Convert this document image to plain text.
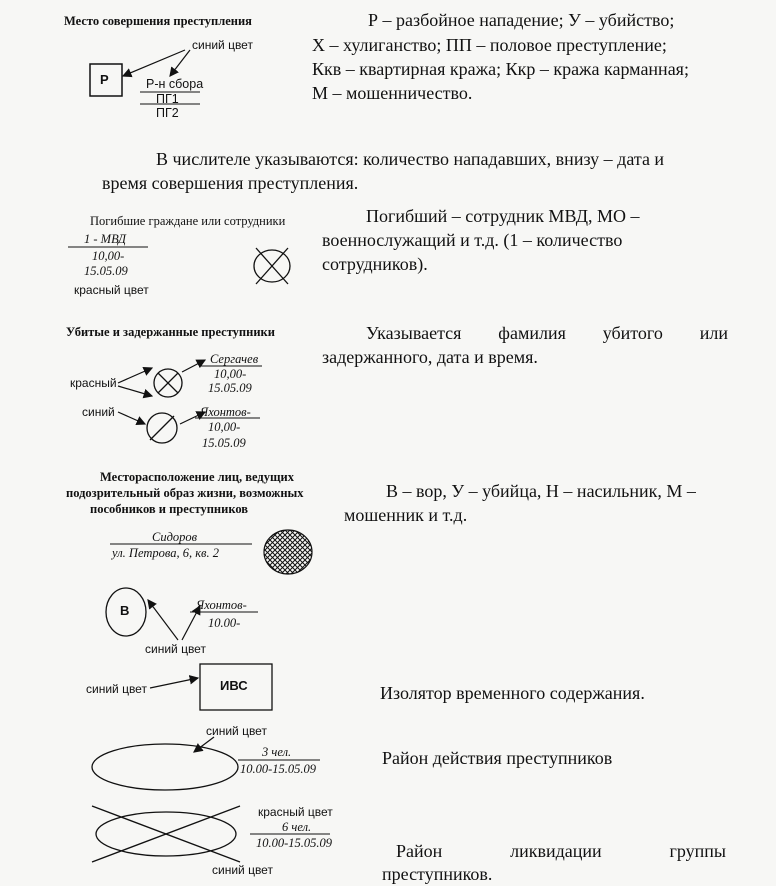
Место совершения преступления
синий цвет
Р	Р-н сбора
ПГ1
ПГ2
Р – разбойное нападение; У – убийство;
Х – хулиганство; ПП – половое преступление;
Ккв – квартирная кража; Ккр – кража карманная;
М – мошенничество.
В числителе указываются: количество нападавших, внизу – дата и
время совершения преступления.
Погибшие граждане или сотрудники
1 - МВД
10,00-
15.05.09
красный цвет
Погибший – сотрудник МВД, МО –
военнослужащий и т.д. (1 – количество
сотрудников).
Убитые и задержанные преступники
красный
синий
Сергачев
10,00-
15.05.09
Яхонтов-
10,00-
15.05.09
Указывается фамилия убитого или
задержанного, дата и время.
Месторасположение лиц, ведущих
подозрительный образ жизни, возможных
пособников и преступников
Сидоров
ул. Петрова, 6, кв. 2
В	Яхонтов-
10.00-
синий цвет
В – вор, У – убийца, Н – насильник, М –
мошенник и т.д.
синий цвет	ИВС	Изолятор временного содержания.
синий цвет
3 чел.
10.00-15.05.09
Район действия преступников
красный цвет
6 чел.
10.00-15.05.09
синий цвет
Район ликвидации группы
преступников.
